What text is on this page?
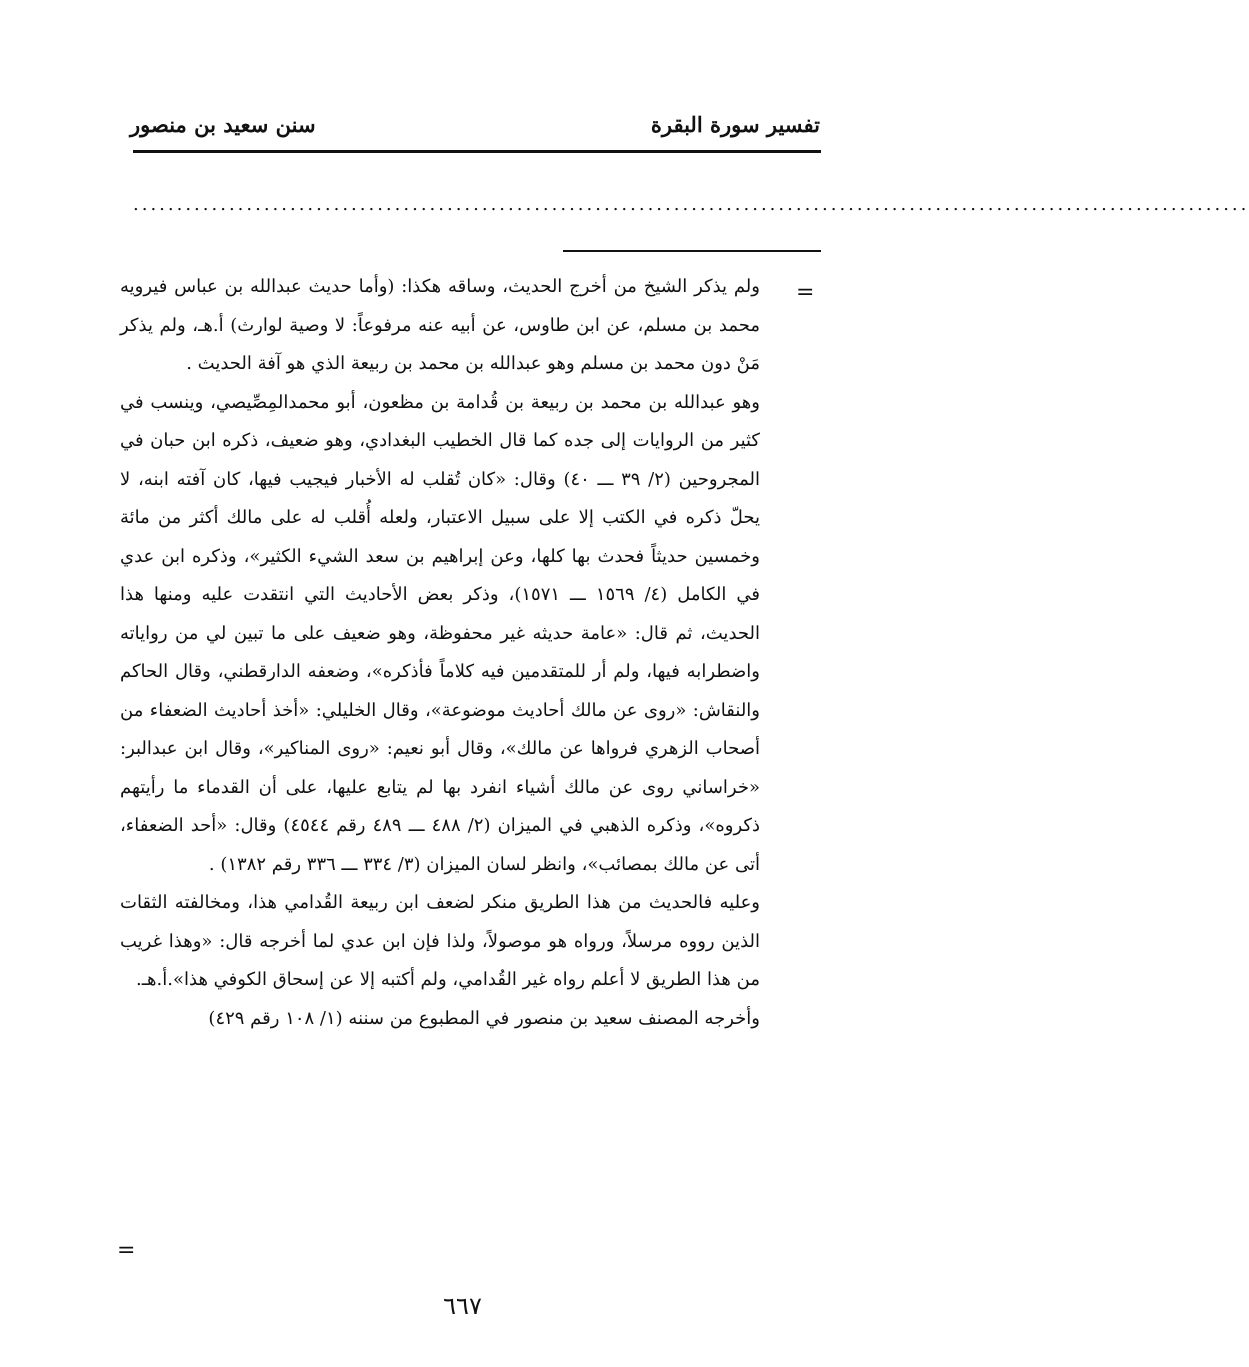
تفسير سورة البقرة
سنن سعيد بن منصور
................................................................................................................................
=

ولم يذكر الشيخ من أخرج الحديث، وساقه هكذا: (وأما حديث عبدالله بن عباس فيرويه محمد بن مسلم، عن ابن طاوس، عن أبيه عنه مرفوعاً: لا وصية لوارث) أ.هـ، ولم يذكر مَنْ دون محمد بن مسلم وهو عبدالله بن محمد بن ربيعة الذي هو آفة الحديث .

وهو عبدالله بن محمد بن ربيعة بن قُدامة بن مظعون، أبو محمدالمِصِّيصي، وينسب في كثير من الروايات إلى جده كما قال الخطيب البغدادي، وهو ضعيف، ذكره ابن حبان في المجروحين (٢/ ٣٩ ـــ ٤٠) وقال: «كان تُقلب له الأخبار فيجيب فيها، كان آفته ابنه، لا يحلّ ذكره في الكتب إلا على سبيل الاعتبار، ولعله أُقلب له على مالك أكثر من مائة وخمسين حديثاً فحدث بها كلها، وعن إبراهيم بن سعد الشيء الكثير»، وذكره ابن عدي في الكامل (٤/ ١٥٦٩ ـــ ١٥٧١)، وذكر بعض الأحاديث التي انتقدت عليه ومنها هذا الحديث، ثم قال: «عامة حديثه غير محفوظة، وهو ضعيف على ما تبين لي من رواياته واضطرابه فيها، ولم أر للمتقدمين فيه كلاماً فأذكره»، وضعفه الدارقطني، وقال الحاكم والنقاش: «روى عن مالك أحاديث موضوعة»، وقال الخليلي: «أخذ أحاديث الضعفاء من أصحاب الزهري فرواها عن مالك»، وقال أبو نعيم: «روى المناكير»، وقال ابن عبدالبر: «خراساني روى عن مالك أشياء انفرد بها لم يتابع عليها، على أن القدماء ما رأيتهم ذكروه»، وذكره الذهبي في الميزان (٢/ ٤٨٨ ـــ ٤٨٩ رقم ٤٥٤٤) وقال: «أحد الضعفاء، أتى عن مالك بمصائب»، وانظر لسان الميزان (٣/ ٣٣٤ ـــ ٣٣٦ رقم ١٣٨٢) .

وعليه فالحديث من هذا الطريق منكر لضعف ابن ربيعة القُدامي هذا، ومخالفته الثقات الذين رووه مرسلاً، ورواه هو موصولاً، ولذا فإن ابن عدي لما أخرجه قال: «وهذا غريب من هذا الطريق لا أعلم رواه غير القُدامي، ولم أكتبه إلا عن إسحاق الكوفي هذا».أ.هـ.

وأخرجه المصنف سعيد بن منصور في المطبوع من سننه (١/ ١٠٨ رقم ٤٢٩)

=
٦٦٧
